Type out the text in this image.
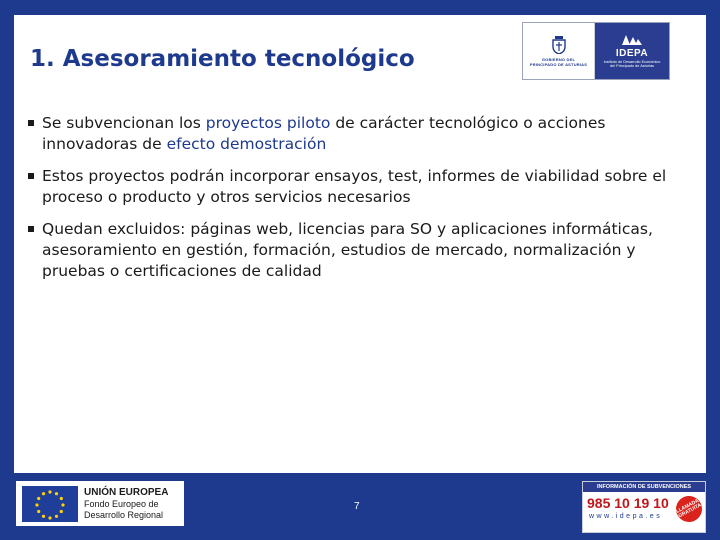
1. Asesoramiento tecnológico	GOBIERNO DEL
PRINCIPADO DE ASTURIAS
IDEPA
Instituto de Desarrollo Económico
del Principado de Asturias
Se subvencionan los proyectos piloto de carácter tecnológico o acciones innovadoras de efecto demostración
Estos proyectos podrán incorporar ensayos, test, informes de viabilidad sobre el proceso o producto y otros servicios necesarios
Quedan excluidos: páginas web, licencias para SO y aplicaciones informáticas, asesoramiento en gestión, formación, estudios de mercado, normalización y pruebas o certificaciones de calidad
UNIÓN EUROPEA
Fondo Europeo de
Desarrollo Regional
7
INFORMACIÓN DE SUBVENCIONES
985 10 19 10
www.idepa.es
LLAMADA
GRATUITA
